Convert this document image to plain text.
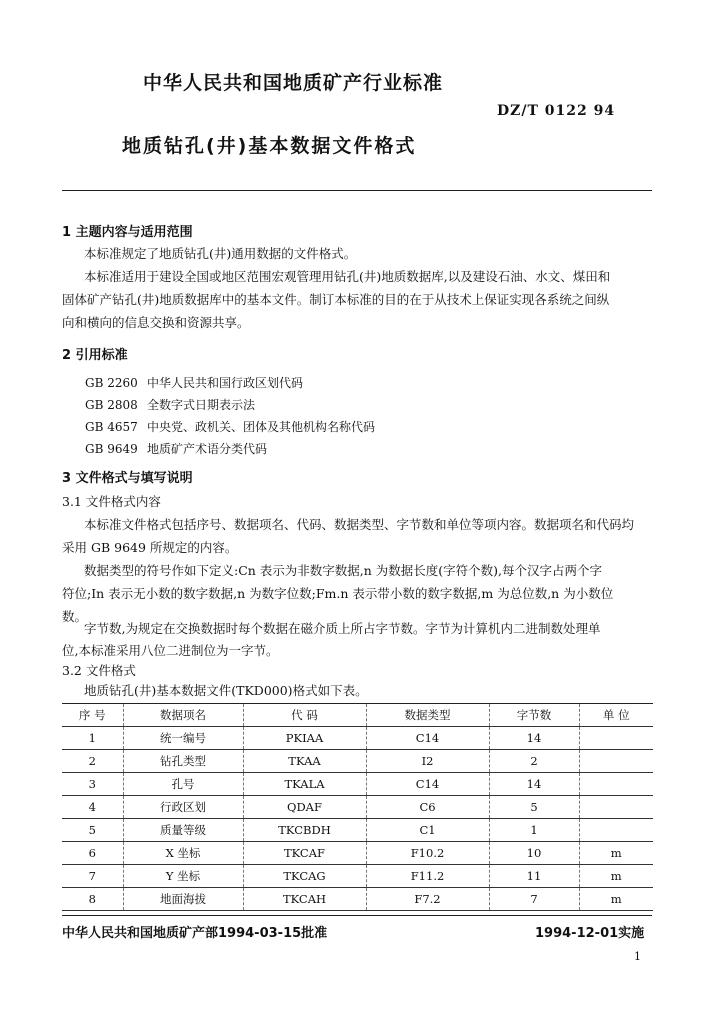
中华人民共和国地质矿产行业标准
DZ/T 0122 94
地质钻孔(井)基本数据文件格式
1 主题内容与适用范围
本标准规定了地质钻孔(井)通用数据的文件格式。
本标准适用于建设全国或地区范围宏观管理用钻孔(井)地质数据库,以及建设石油、水文、煤田和
固体矿产钻孔(井)地质数据库中的基本文件。制订本标准的目的在于从技术上保证实现各系统之间纵
向和横向的信息交换和资源共享。
2 引用标准
GB 2260 中华人民共和国行政区划代码
GB 2808 全数字式日期表示法
GB 4657 中央党、政机关、团体及其他机构名称代码
GB 9649 地质矿产术语分类代码
3 文件格式与填写说明
3.1 文件格式内容
本标准文件格式包括序号、数据项名、代码、数据类型、字节数和单位等项内容。数据项名和代码均
采用 GB 9649 所规定的内容。
数据类型的符号作如下定义:Cn 表示为非数字数据,n 为数据长度(字符个数),每个汉字占两个字
符位;In 表示无小数的数字数据,n 为数字位数;Fm.n 表示带小数的数字数据,m 为总位数,n 为小数位
数。
字节数,为规定在交换数据时每个数据在磁介质上所占字节数。字节为计算机内二进制数处理单
位,本标准采用八位二进制位为一字节。
3.2 文件格式
地质钻孔(井)基本数据文件(TKD000)格式如下表。
序 号	数据项名	代 码	数据类型	字节数	单 位
1	统一编号	PKIAA	C14	14	
2	钻孔类型	TKAA	I2	2	
3	孔号	TKALA	C14	14	
4	行政区划	QDAF	C6	5	
5	质量等级	TKCBDH	C1	1	
6	X 坐标	TKCAF	F10.2	10	m
7	Y 坐标	TKCAG	F11.2	11	m
8	地面海拔	TKCAH	F7.2	7	m
中华人民共和国地质矿产部1994-03-15批准	1994-12-01实施
1
